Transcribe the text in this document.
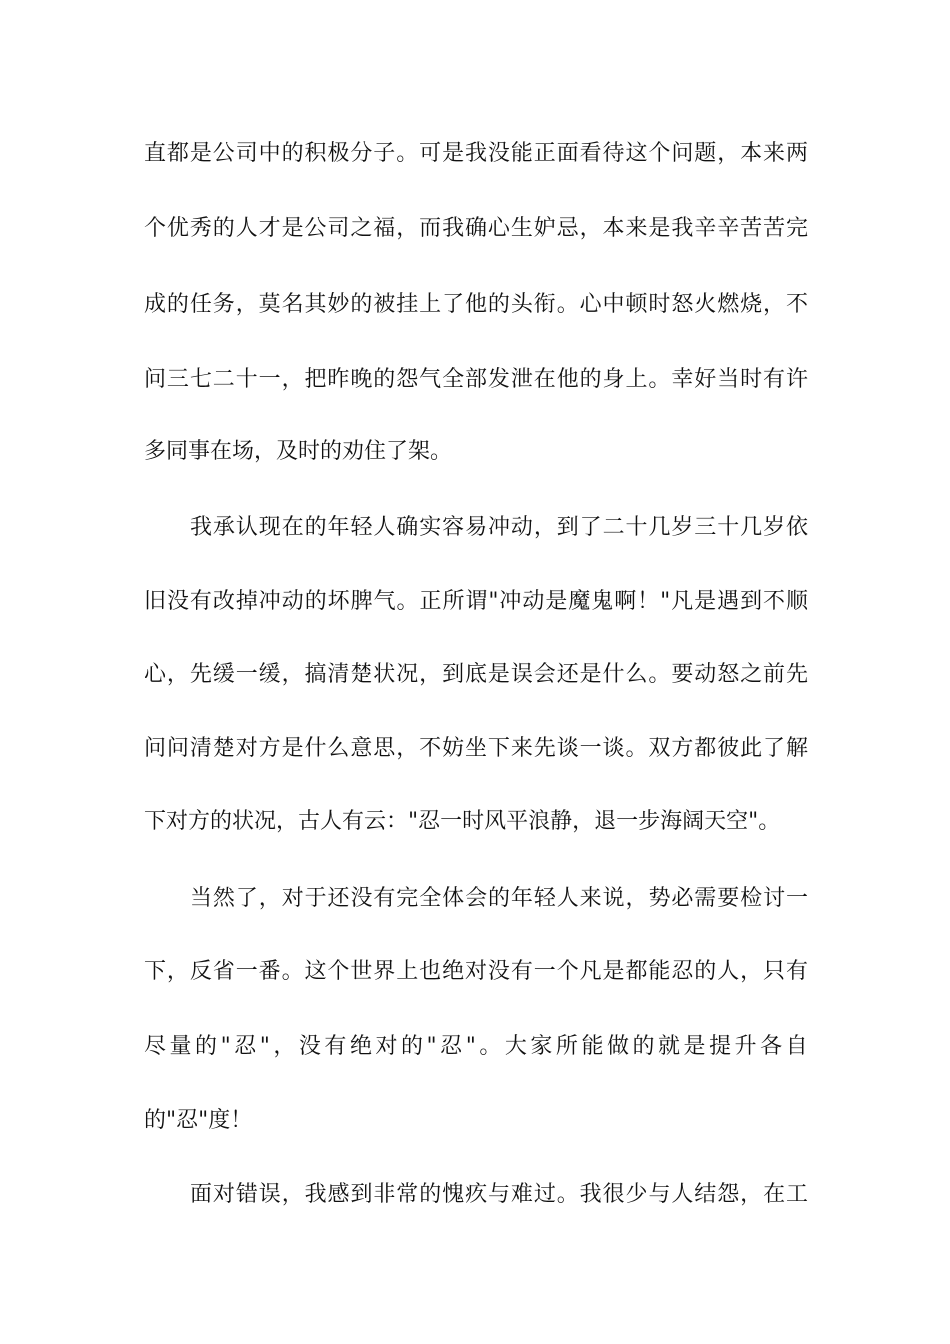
直都是公司中的积极分子。可是我没能正面看待这个问题，本来两
个优秀的人才是公司之福，而我确心生妒忌，本来是我辛辛苦苦完
成的任务，莫名其妙的被挂上了他的头衔。心中顿时怒火燃烧，不
问三七二十一，把昨晚的怨气全部发泄在他的身上。幸好当时有许
多同事在场，及时的劝住了架。
我承认现在的年轻人确实容易冲动，到了二十几岁三十几岁依
旧没有改掉冲动的坏脾气。正所谓"冲动是魔鬼啊！"凡是遇到不顺
心，先缓一缓，搞清楚状况，到底是误会还是什么。要动怒之前先
问问清楚对方是什么意思，不妨坐下来先谈一谈。双方都彼此了解
下对方的状况，古人有云："忍一时风平浪静，退一步海阔天空"。
当然了，对于还没有完全体会的年轻人来说，势必需要检讨一
下，反省一番。这个世界上也绝对没有一个凡是都能忍的人，只有
尽量的"忍"，没有绝对的"忍"。大家所能做的就是提升各自
的"忍"度！
面对错误，我感到非常的愧疚与难过。我很少与人结怨，在工
